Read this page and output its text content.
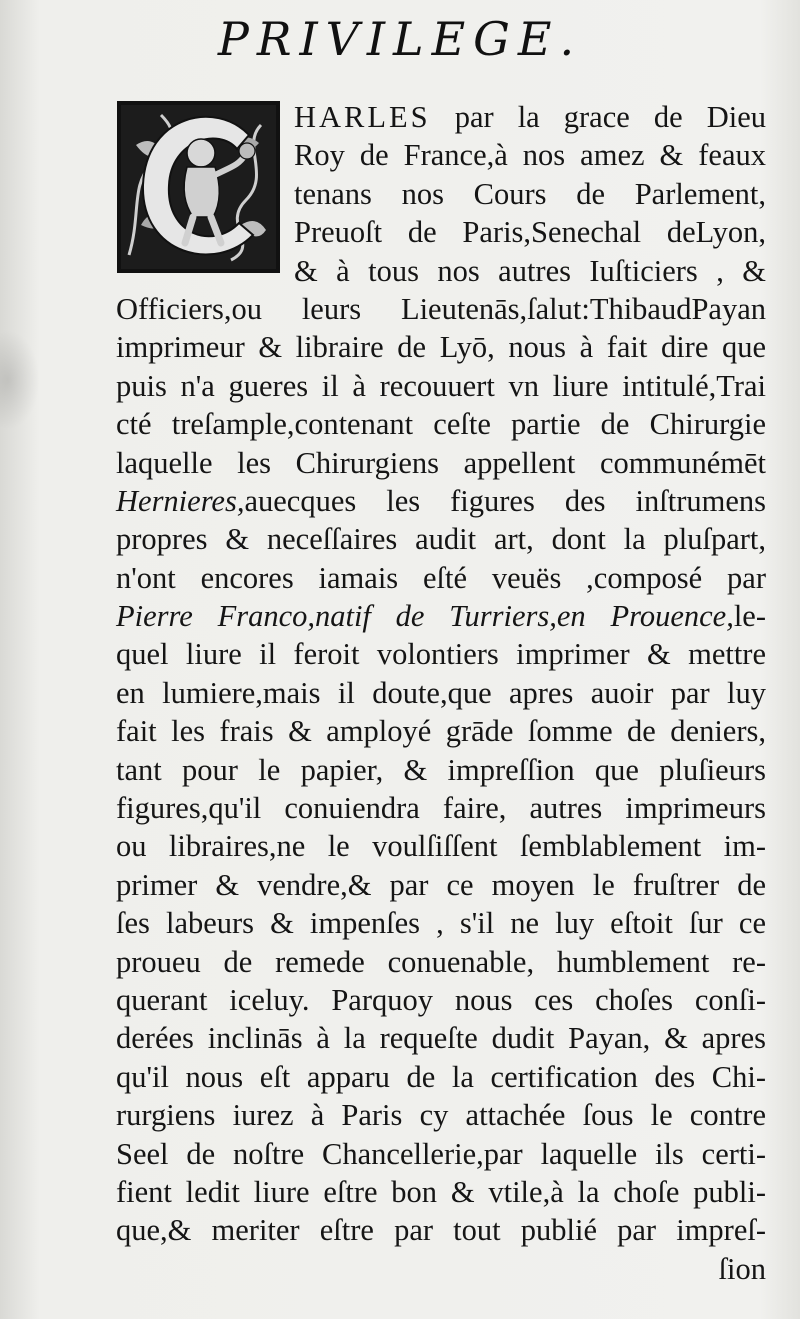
PRIVILEGE.
HARLES par la grace de Dieu
Roy de France,à nos amez & feaux
tenans nos Cours de Parlement,
Preuoſt de Paris,Senechal deLyon,
& à tous nos autres Iuſticiers , &
Officiers,ou leurs Lieutenās,ſalut:ThibaudPayan
imprimeur & libraire de Lyō, nous à fait dire que
puis n'a gueres il à recouuert vn liure intitulé,Trai
cté treſample,contenant ceſte partie de Chirurgie
laquelle les Chirurgiens appellent communémēt
Hernieres,auecques les figures des inſtrumens
propres & neceſſaires audit art, dont la pluſpart,
n'ont encores iamais eſté veuës ,composé par
Pierre Franco,natif de Turriers,en Prouence,le-
quel liure il feroit volontiers imprimer & mettre
en lumiere,mais il doute,que apres auoir par luy
fait les frais & amployé grāde ſomme de deniers,
tant pour le papier, & impreſſion que pluſieurs
figures,qu'il conuiendra faire, autres imprimeurs
ou libraires,ne le voulſiſſent ſemblablement im-
primer & vendre,& par ce moyen le fruſtrer de
ſes labeurs & impenſes , s'il ne luy eſtoit ſur ce
proueu de remede conuenable, humblement re-
querant iceluy. Parquoy nous ces choſes conſi-
derées inclinās à la requeſte dudit Payan, & apres
qu'il nous eſt apparu de la certification des Chi-
rurgiens iurez à Paris cy attachée ſous le contre
Seel de noſtre Chancellerie,par laquelle ils certi-
fient ledit liure eſtre bon & vtile,à la choſe publi-
que,& meriter eſtre par tout publié par impreſ-
ſion
